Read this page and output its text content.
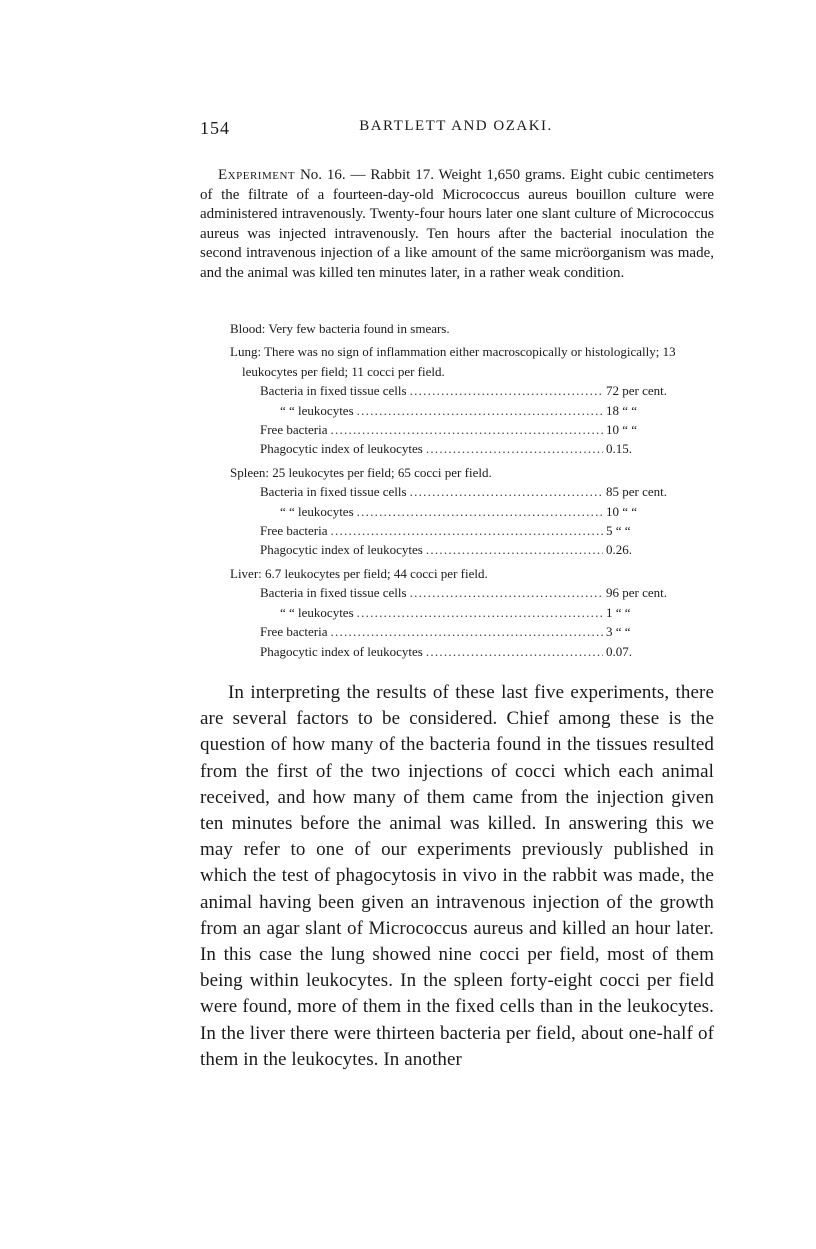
154	BARTLETT AND OZAKI.

Experiment No. 16. — Rabbit 17. Weight 1,650 grams. Eight cubic centimeters of the filtrate of a fourteen-day-old Micrococcus aureus bouillon culture were administered intravenously. Twenty-four hours later one slant culture of Micrococcus aureus was injected intravenously. Ten hours after the bacterial inoculation the second intravenous injection of a like amount of the same micröorganism was made, and the animal was killed ten minutes later, in a rather weak condition.

Blood: Very few bacteria found in smears.
Lung: There was no sign of inflammation either macroscopically or histologically; 13 leukocytes per field; 11 cocci per field.
Bacteria in fixed tissue cells . . .	72 per cent.
“ “ leukocytes . . .	18 “ “
Free bacteria . . .	10 “ “
Phagocytic index of leukocytes . . .	0.15.
Spleen: 25 leukocytes per field; 65 cocci per field.
Bacteria in fixed tissue cells . . .	85 per cent.
“ “ leukocytes . . .	10 “ “
Free bacteria . . .	5 “ “
Phagocytic index of leukocytes . . .	0.26.
Liver: 6.7 leukocytes per field; 44 cocci per field.
Bacteria in fixed tissue cells . . .	96 per cent.
“ “ leukocytes . . .	1 “ “
Free bacteria . . .	3 “ “
Phagocytic index of leukocytes . . .	0.07.

In interpreting the results of these last five experiments, there are several factors to be considered. Chief among these is the question of how many of the bacteria found in the tissues resulted from the first of the two injections of cocci which each animal received, and how many of them came from the injection given ten minutes before the animal was killed. In answering this we may refer to one of our experiments previously published in which the test of phagocytosis in vivo in the rabbit was made, the animal having been given an intravenous injection of the growth from an agar slant of Micrococcus aureus and killed an hour later. In this case the lung showed nine cocci per field, most of them being within leukocytes. In the spleen forty-eight cocci per field were found, more of them in the fixed cells than in the leukocytes. In the liver there were thirteen bacteria per field, about one-half of them in the leukocytes. In another
